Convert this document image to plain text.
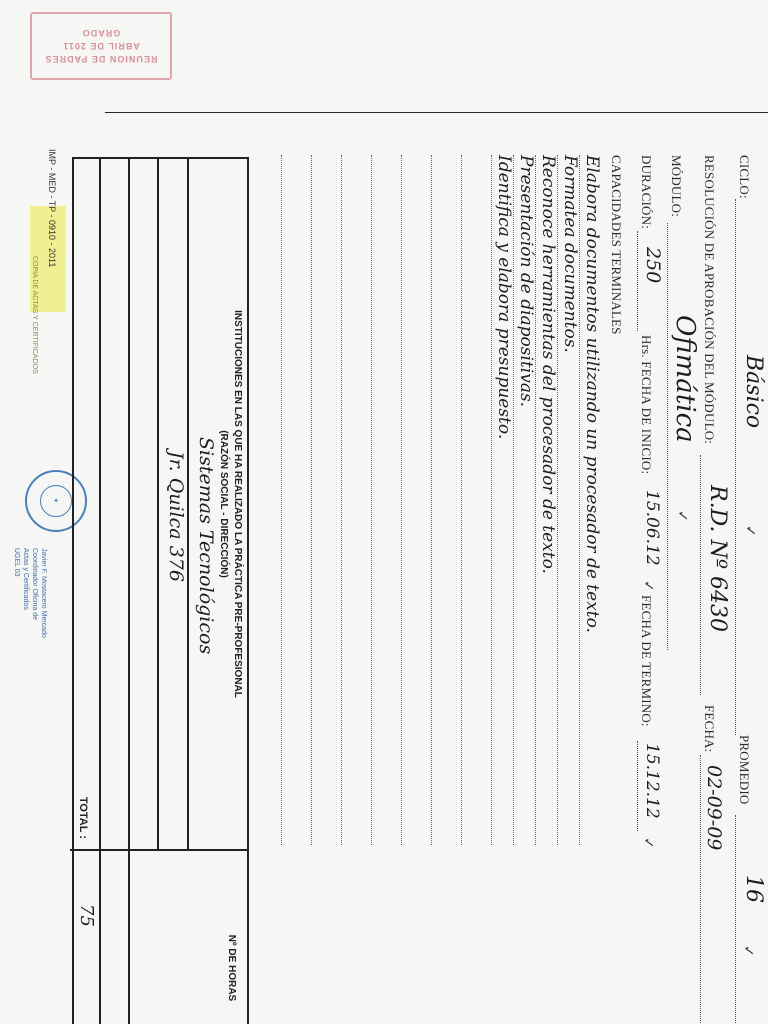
REUNION DE PADRES
ABRIL DE 2011
GRADO
COPIA DE ACTAS Y CERTIFICADOS
✦
Javier F. Mostacero Mercado
Coordinador Oficina de
Actas y Certificados
UGEL 03
CICLO:
Básico
✓
PROMEDIO
16
✓
RESOLUCIÓN DE APROBACIÓN DEL MÓDULO:
R.D. Nº 6430
FECHA:
02-09-09
MÓDULO:
Ofimática
✓
DURACIÓN:
250
Hrs. FECHA DE INICIO:
15.06.12
✓
FECHA DE TERMINO:
15.12.12
✓
CAPACIDADES TERMINALES
Elabora documentos utilizando un procesador de texto.
Formatea documentos.
Reconoce herramientas del procesador de texto.
Presentación de diapositivas.
Identifica y elabora presupuesto.
INSTITUCIONES EN LAS QUE HA REALIZADO LA PRÁCTICA PRE-PROFESIONAL
(RAZÓN SOCIAL - DIRECCIÓN)
Nº DE HORAS
Sistemas Tecnológicos
Jr. Quilca 376
TOTAL :
75
IMP - MED - TP - 0910 - 2011
